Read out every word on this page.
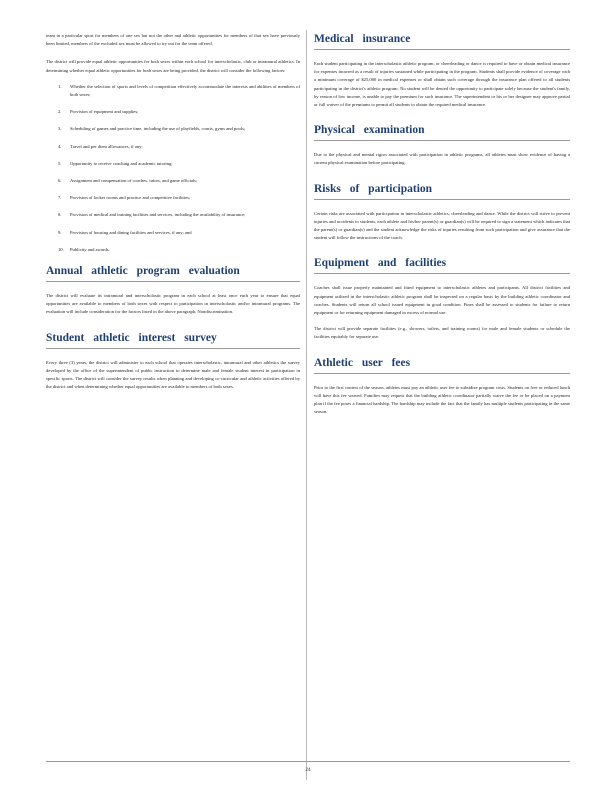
team in a particular sport for members of one sex but not the other and athletic opportunities for members of that sex have previously been limited, members of the excluded sex must be allowed to try out for the team offered.

The district will provide equal athletic opportunities for both sexes within each school for interscholastic, club or intramural athletics. In determining whether equal athletic opportunities for both sexes are being provided, the district will consider the following factors:

1. Whether the selection of sports and levels of competition effectively accommodate the interests and abilities of members of both sexes;
2. Provision of equipment and supplies;
3. Scheduling of games and practice time, including the use of playfields, courts, gyms and pools;
4. Travel and per diem allowances, if any;
5. Opportunity to receive coaching and academic tutoring;
6. Assignment and compensation of coaches, tutors, and game officials;
7. Provision of locker rooms and practice and competitive facilities;
8. Provision of medical and training facilities and services, including the availability of insurance;
9. Provision of housing and dining facilities and services, if any; and
10. Publicity and awards.
Annual athletic program evaluation

The district will evaluate its intramural and interscholastic program in each school at least once each year to ensure that equal opportunities are available to members of both sexes with respect to participation in interscholastic and/or intramural programs. The evaluation will include consideration for the factors listed in the above paragraph, Nondiscrimination.

Student athletic interest survey

Every three (3) years, the district will administer to each school that operates interscholastic, intramural and other athletics the survey developed by the office of the superintendent of public instruction to determine male and female student interest in participation in specific sports. The district will consider the survey results when planning and developing co-curricular and athletic activities offered by the district and when determining whether equal opportunities are available to members of both sexes.

Medical insurance

Each student participating in the interscholastic athletic program, or cheerleading or dance is required to have or obtain medical insurance for expenses incurred as a result of injuries sustained while participating in the program. Students shall provide evidence of coverage with a minimum coverage of $25,000 in medical expenses or shall obtain such coverage through the insurance plan offered to all students participating in the district's athletic program. No student will be denied the opportunity to participate solely because the student's family, by reason of low income, is unable to pay the premium for such insurance. The superintendent or his or her designee may approve partial or full waiver of the premiums to permit all students to obtain the required medical insurance.

Physical examination

Due to the physical and mental rigors associated with participation in athletic programs, all athletes must show evidence of having a current physical examination before participating.

Risks of participation

Certain risks are associated with participation in interscholastic athletics, cheerleading and dance. While the district will strive to prevent injuries and accidents to students, each athlete and his/her parent(s) or guardian(s) will be required to sign a statement which indicates that the parent(s) or guardian(s) and the student acknowledge the risks of injuries resulting from such participation and give assurance that the student will follow the instructions of the coach.

Equipment and facilities

Coaches shall issue properly maintained and fitted equipment to interscholastic athletes and participants. All district facilities and equipment utilized in the interscholastic athletic program shall be inspected on a regular basis by the building athletic coordinator and coaches. Students will return all school issued equipment in good condition. Fines shall be assessed to students for failure to return equipment or for returning equipment damaged in excess of normal use.

The district will provide separate facilities (e.g., showers, toilets, and training rooms) for male and female students or schedule the facilities equitably for separate use.

Athletic user fees

Prior to the first contest of the season, athletes must pay an athletic user fee to subsidize program costs. Students on free or reduced lunch will have this fee waived. Families may request that the building athletic coordinator partially waive the fee or be placed on a payment plan if the fee poses a financial hardship. The hardship may include the fact that the family has multiple students participating in the same season.

24
